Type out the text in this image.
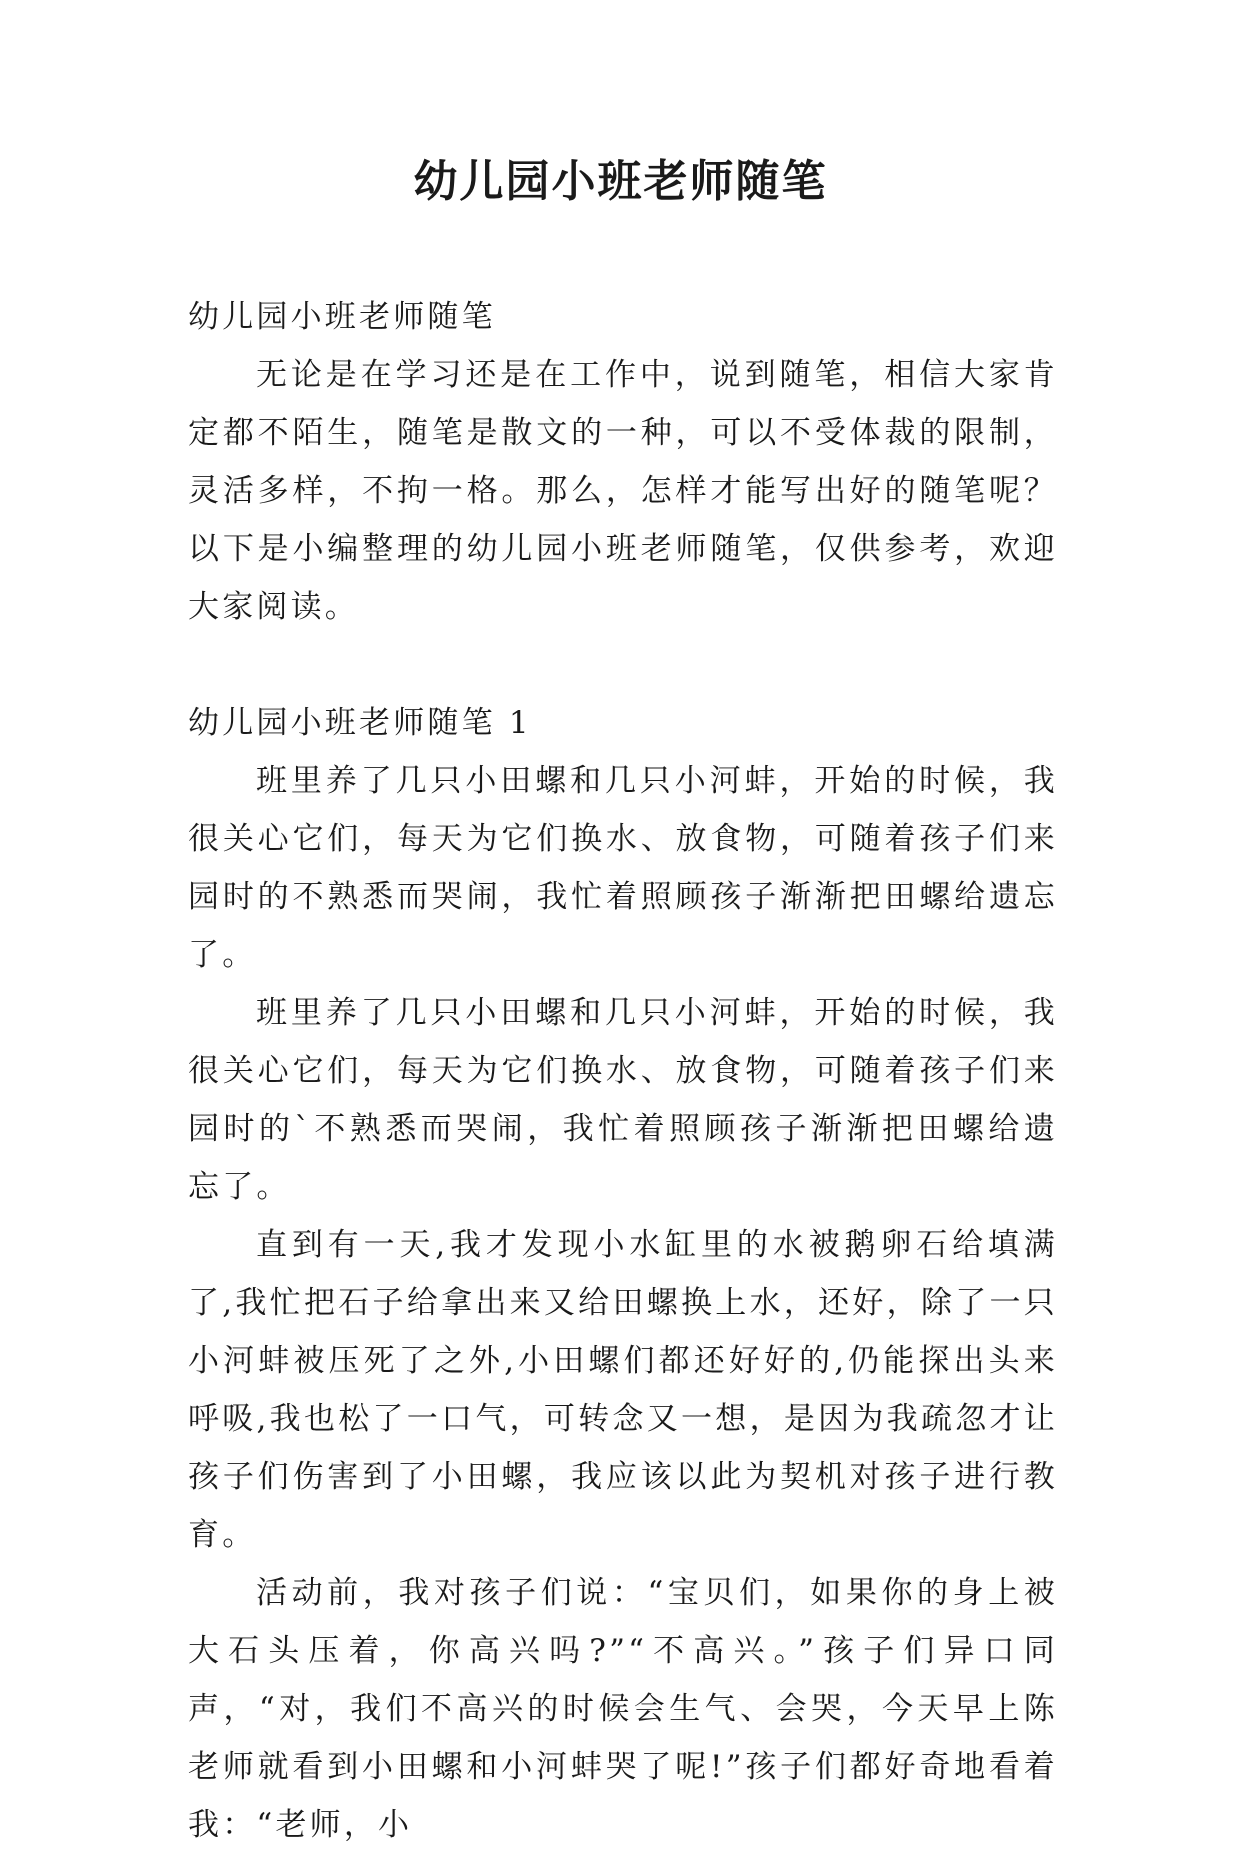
幼儿园小班老师随笔

幼儿园小班老师随笔

无论是在学习还是在工作中，说到随笔，相信大家肯定都不陌生，随笔是散文的一种，可以不受体裁的限制，灵活多样，不拘一格。那么，怎样才能写出好的随笔呢？以下是小编整理的幼儿园小班老师随笔，仅供参考，欢迎大家阅读。

幼儿园小班老师随笔 1

班里养了几只小田螺和几只小河蚌，开始的时候，我很关心它们，每天为它们换水、放食物，可随着孩子们来园时的不熟悉而哭闹，我忙着照顾孩子渐渐把田螺给遗忘了。

班里养了几只小田螺和几只小河蚌，开始的时候，我很关心它们，每天为它们换水、放食物，可随着孩子们来园时的`不熟悉而哭闹，我忙着照顾孩子渐渐把田螺给遗忘了。

直到有一天,我才发现小水缸里的水被鹅卵石给填满了,我忙把石子给拿出来又给田螺换上水，还好，除了一只小河蚌被压死了之外,小田螺们都还好好的,仍能探出头来呼吸,我也松了一口气，可转念又一想，是因为我疏忽才让孩子们伤害到了小田螺，我应该以此为契机对孩子进行教育。

活动前，我对孩子们说：“宝贝们，如果你的身上被大石头压着，你高兴吗?”“不高兴。”孩子们异口同声，“对，我们不高兴的时候会生气、会哭，今天早上陈老师就看到小田螺和小河蚌哭了呢!”孩子们都好奇地看着我：“老师，小
